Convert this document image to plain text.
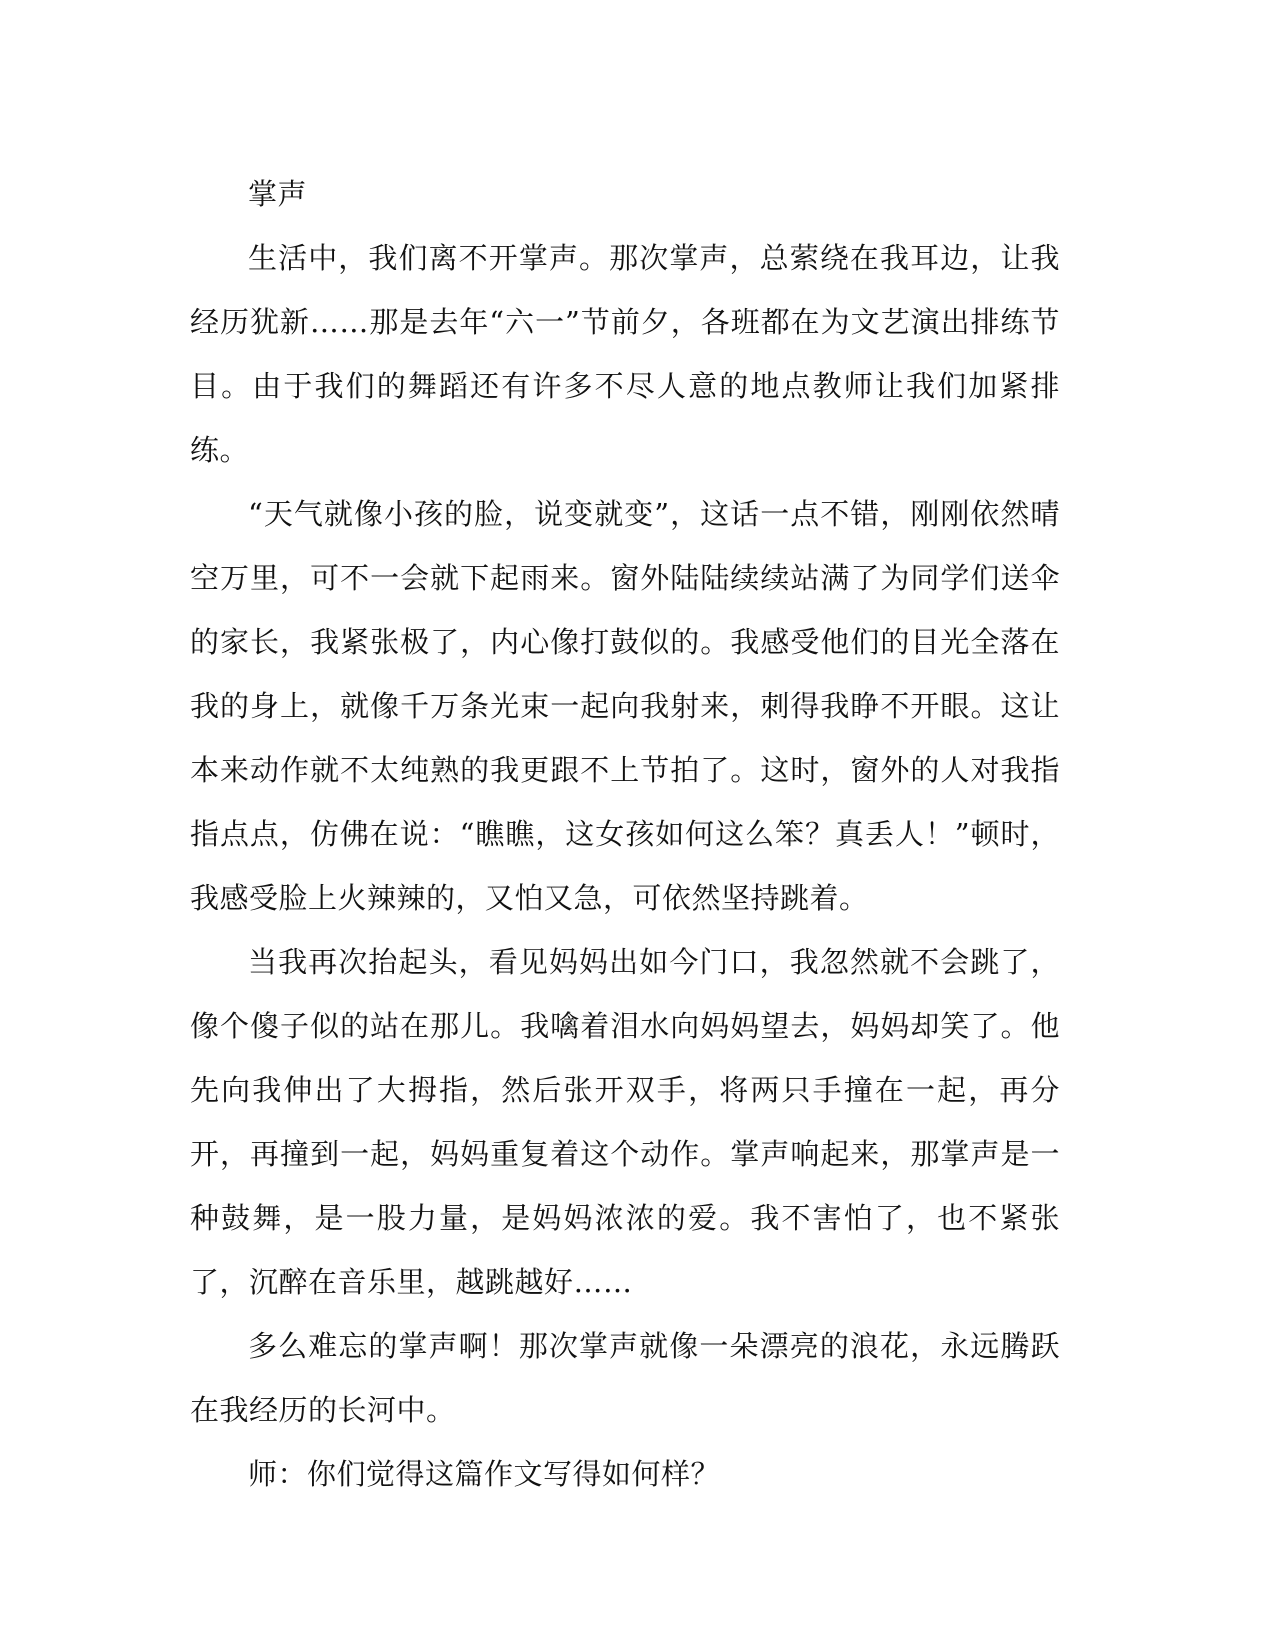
掌声

生活中，我们离不开掌声。那次掌声，总萦绕在我耳边，让我经历犹新……那是去年“六一”节前夕，各班都在为文艺演出排练节目。由于我们的舞蹈还有许多不尽人意的地点教师让我们加紧排练。

“天气就像小孩的脸，说变就变”，这话一点不错，刚刚依然晴空万里，可不一会就下起雨来。窗外陆陆续续站满了为同学们送伞的家长，我紧张极了，内心像打鼓似的。我感受他们的目光全落在我的身上，就像千万条光束一起向我射来，刺得我睁不开眼。这让本来动作就不太纯熟的我更跟不上节拍了。这时，窗外的人对我指指点点，仿佛在说：“瞧瞧，这女孩如何这么笨？真丢人！”顿时，我感受脸上火辣辣的，又怕又急，可依然坚持跳着。

当我再次抬起头，看见妈妈出如今门口，我忽然就不会跳了，像个傻子似的站在那儿。我噙着泪水向妈妈望去，妈妈却笑了。他先向我伸出了大拇指，然后张开双手，将两只手撞在一起，再分开，再撞到一起，妈妈重复着这个动作。掌声响起来，那掌声是一种鼓舞，是一股力量，是妈妈浓浓的爱。我不害怕了，也不紧张了，沉醉在音乐里，越跳越好……

多么难忘的掌声啊！那次掌声就像一朵漂亮的浪花，永远腾跃在我经历的长河中。

师：你们觉得这篇作文写得如何样？
